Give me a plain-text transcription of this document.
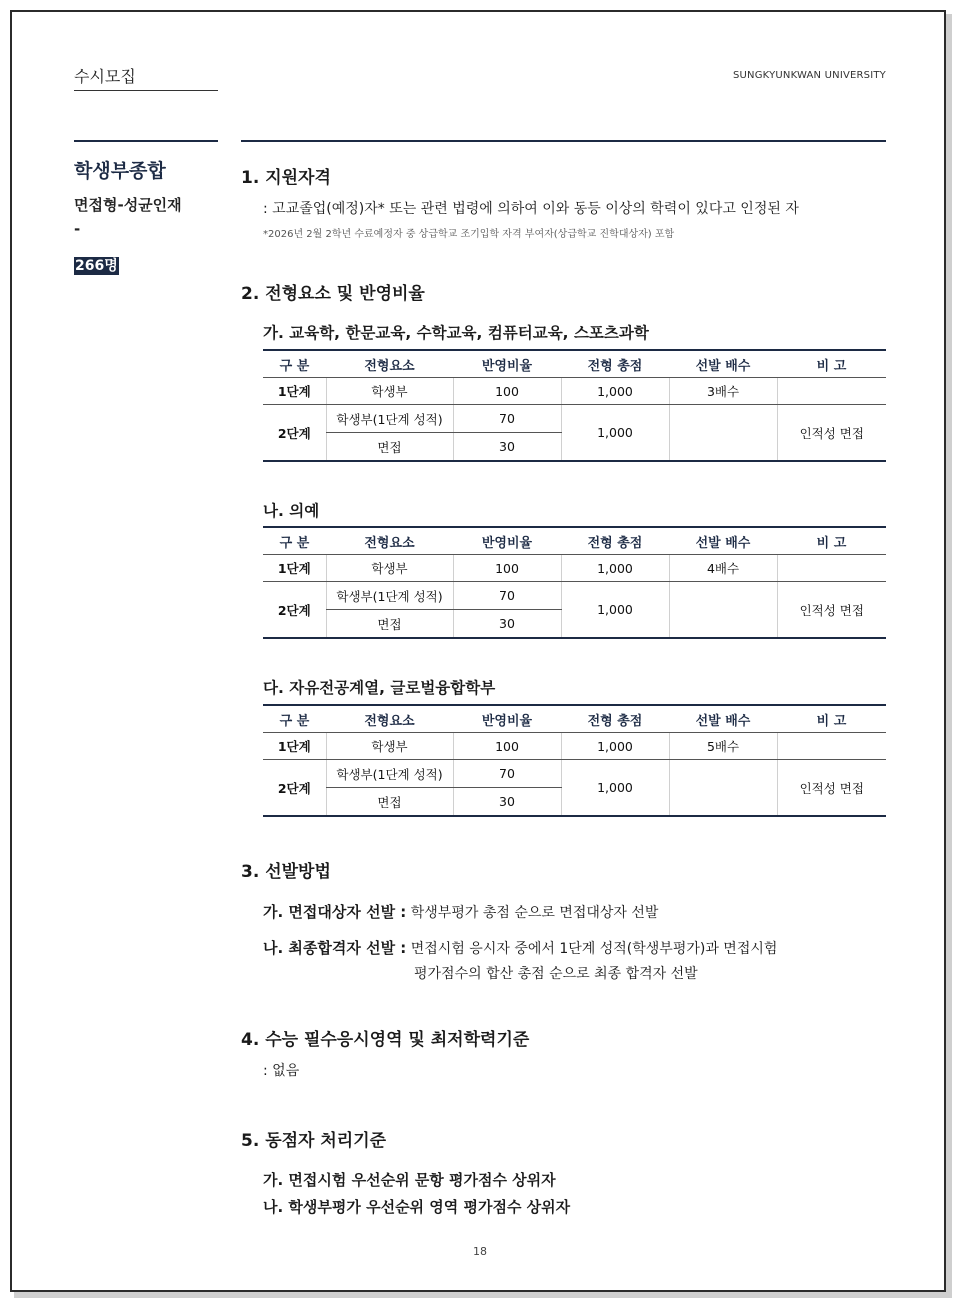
수시모집	SUNGKYUNKWAN UNIVERSITY
학생부종합
면접형-성균인재
-
266명
1. 지원자격
: 고교졸업(예정)자* 또는 관련 법령에 의하여 이와 동등 이상의 학력이 있다고 인정된 자
*2026년 2월 2학년 수료예정자 중 상급학교 조기입학 자격 부여자(상급학교 진학대상자) 포함
2. 전형요소 및 반영비율
가. 교육학, 한문교육, 수학교육, 컴퓨터교육, 스포츠과학
구 분	전형요소	반영비율	전형 총점	선발 배수	비 고
1단계	학생부	100	1,000	3배수	
2단계	학생부(1단계 성적)	70	1,000		인적성 면접
	면접	30			
나. 의예
구 분	전형요소	반영비율	전형 총점	선발 배수	비 고
1단계	학생부	100	1,000	4배수	
2단계	학생부(1단계 성적)	70	1,000		인적성 면접
	면접	30			
다. 자유전공계열, 글로벌융합학부
구 분	전형요소	반영비율	전형 총점	선발 배수	비 고
1단계	학생부	100	1,000	5배수	
2단계	학생부(1단계 성적)	70	1,000		인적성 면접
	면접	30			
3. 선발방법
가. 면접대상자 선발 : 학생부평가 총점 순으로 면접대상자 선발
나. 최종합격자 선발 : 면접시험 응시자 중에서 1단계 성적(학생부평가)과 면접시험
평가점수의 합산 총점 순으로 최종 합격자 선발
4. 수능 필수응시영역 및 최저학력기준
: 없음
5. 동점자 처리기준
가. 면접시험 우선순위 문항 평가점수 상위자
나. 학생부평가 우선순위 영역 평가점수 상위자
18
